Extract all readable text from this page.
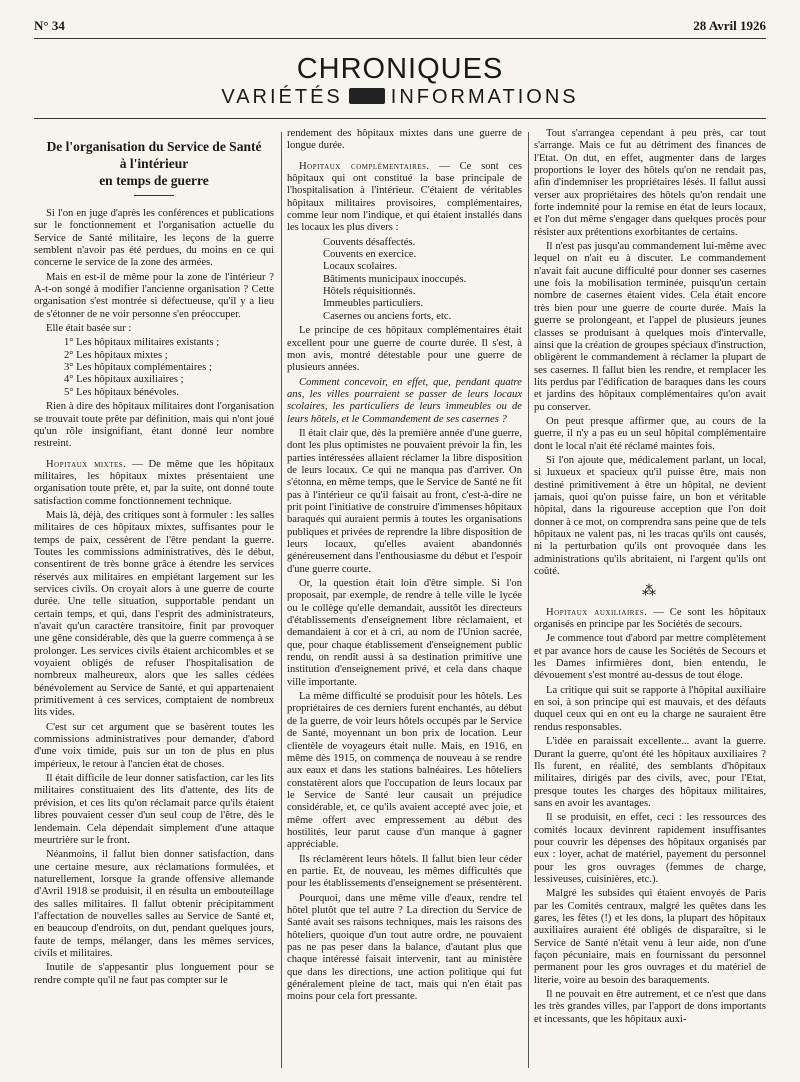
N° 34	28 Avril 1926
CHRONIQUES
VARIÉTÉS INFORMATIONS
De l'organisation du Service de Santé
à l'intérieur
en temps de guerre

Si l'on en juge d'après les conférences et publications sur le fonctionnement et l'organisation actuelle du Service de Santé militaire, les leçons de la guerre semblent n'avoir pas été perdues, du moins en ce qui concerne le service de la zone des armées.

Mais en est-il de même pour la zone de l'intérieur ? A-t-on songé à modifier l'ancienne organisation ? Cette organisation s'est montrée si défectueuse, qu'il y a lieu de s'étonner de ne voir personne s'en préoccuper.

Elle était basée sur :

1° Les hôpitaux militaires existants ;
2° Les hôpitaux mixtes ;
3° Les hôpitaux complémentaires ;
4° Les hôpitaux auxiliaires ;
5° Les hôpitaux bénévoles.

Rien à dire des hôpitaux militaires dont l'organisation se trouvait toute prête par définition, mais qui n'ont joué qu'un rôle insignifiant, étant donné leur nombre restreint.

Hopitaux mixtes. — De même que les hôpitaux militaires, les hôpitaux mixtes présentaient une organisation toute prête, et, par la suite, ont donné toute satisfaction comme fonctionnement technique.

Mais là, déjà, des critiques sont à formuler : les salles militaires de ces hôpitaux mixtes, suffisantes pour le temps de paix, cessèrent de l'être pendant la guerre. Toutes les commissions administratives, dès le début, consentirent de très bonne grâce à étendre les services réservés aux militaires en empiétant largement sur les services civils. On croyait alors à une guerre de courte durée. Une telle situation, supportable pendant un certain temps, et qui, dans l'esprit des administrateurs, n'avait qu'un caractère transitoire, finit par provoquer une gêne considérable, dès que la guerre commença à se prolonger. Les services civils étaient archicombles et se voyaient obligés de refuser l'hospitalisation de nombreux malheureux, alors que les salles cédées bénévolement au Service de Santé, et qui appartenaient primitivement à ces services, comptaient de nombreux lits vides.

C'est sur cet argument que se basèrent toutes les commissions administratives pour demander, d'abord d'une voix timide, puis sur un ton de plus en plus impérieux, le retour à l'ancien état de choses.

Il était difficile de leur donner satisfaction, car les lits militaires constituaient des lits d'attente, des lits de prévision, et ces lits qu'on réclamait parce qu'ils étaient libres pouvaient cesser d'un seul coup de l'être, dès le lendemain. Cela dépendait simplement d'une attaque meurtrière sur le front.

Néanmoins, il fallut bien donner satisfaction, dans une certaine mesure, aux réclamations formulées, et naturellement, lorsque la grande offensive allemande d'Avril 1918 se produisit, il en résulta un embouteillage des salles militaires. Il fallut obtenir précipitamment l'affectation de nouvelles salles au Service de Santé et, en beaucoup d'endroits, on dut, pendant quelques jours, faute de temps, mélanger, dans les mêmes services, civils et militaires.

Inutile de s'appesantir plus longuement pour se rendre compte qu'il ne faut pas compter sur le

rendement des hôpitaux mixtes dans une guerre de longue durée.

Hopitaux complémentaires. — Ce sont ces hôpitaux qui ont constitué la base principale de l'hospitalisation à l'intérieur. C'étaient de véritables hôpitaux militaires provisoires, complémentaires, comme leur nom l'indique, et qui étaient installés dans les locaux les plus divers :

Couvents désaffectés.
Couvents en exercice.
Locaux scolaires.
Bâtiments municipaux inoccupés.
Hôtels réquisitionnés.
Immeubles particuliers.
Casernes ou anciens forts, etc.

Le principe de ces hôpitaux complémentaires était excellent pour une guerre de courte durée. Il s'est, à mon avis, montré détestable pour une guerre de plusieurs années.

Comment concevoir, en effet, que, pendant quatre ans, les villes pourraient se passer de leurs locaux scolaires, les particuliers de leurs immeubles ou de leurs hôtels, et le Commandement de ses casernes ?

Il était clair que, dès la première année d'une guerre, dont les plus optimistes ne pouvaient prévoir la fin, les parties intéressées allaient réclamer la libre disposition de leurs locaux. Ce qui ne manqua pas d'arriver. On s'étonna, en même temps, que le Service de Santé ne fit pas à l'intérieur ce qu'il faisait au front, c'est-à-dire ne prit point l'initiative de construire d'immenses hôpitaux baraqués qui auraient permis à toutes les organisations publiques et privées de reprendre la libre disposition de leurs locaux, qu'elles avaient abandonnés généreusement dans l'enthousiasme du début et l'espoir d'une guerre courte.

Or, la question était loin d'être simple. Si l'on proposait, par exemple, de rendre à telle ville le lycée ou le collège qu'elle demandait, aussitôt les directeurs d'établissements d'enseignement libre réclamaient, et demandaient à cor et à cri, au nom de l'Union sacrée, que, pour chaque établissement d'enseignement public rendu, on rendît aussi à sa destination primitive une institution d'enseignement privé, et cela dans chaque ville importante.

La même difficulté se produisit pour les hôtels. Les propriétaires de ces derniers furent enchantés, au début de la guerre, de voir leurs hôtels occupés par le Service de Santé, moyennant un bon prix de location. Leur clientèle de voyageurs était nulle. Mais, en 1916, en même dès 1915, on commença de nouveau à se rendre aux eaux et dans les stations balnéaires. Les hôteliers constatèrent alors que l'occupation de leurs locaux par le Service de Santé leur causait un préjudice considérable, et, ce qu'ils avaient accepté avec joie, et même offert avec empressement au début des hostilités, leur parut cause d'un manque à gagner appréciable.

Ils réclamèrent leurs hôtels. Il fallut bien leur céder en partie. Et, de nouveau, les mêmes difficultés que pour les établissements d'enseignement se présentèrent.

Pourquoi, dans une même ville d'eaux, rendre tel hôtel plutôt que tel autre ? La direction du Service de Santé avait ses raisons techniques, mais les raisons des hôteliers, quoique d'un tout autre ordre, ne pouvaient pas ne pas peser dans la balance, d'autant plus que chaque intéressé faisait intervenir, tant au ministère que dans les directions, une action politique qui fut généralement pleine de tact, mais qui n'en était pas moins pour cela fort pressante.

Tout s'arrangea cependant à peu près, car tout s'arrange. Mais ce fut au détriment des finances de l'Etat. On dut, en effet, augmenter dans de larges proportions le loyer des hôtels qu'on ne rendait pas, afin d'indemniser les propriétaires lésés. Il fallut aussi verser aux propriétaires des hôtels qu'on rendait une forte indemnité pour la remise en état de leurs locaux, et l'on dut même s'engager dans quelques procès pour résister aux prétentions exorbitantes de certains.

Il n'est pas jusqu'au commandement lui-même avec lequel on n'ait eu à discuter. Le commandement n'avait fait aucune difficulté pour donner ses casernes une fois la mobilisation terminée, puisqu'un certain nombre de casernes étaient vides. Cela était encore très bien pour une guerre de courte durée. Mais la guerre se prolongeant, et l'appel de plusieurs jeunes classes se produisant à quelques mois d'intervalle, ainsi que la création de groupes spéciaux d'instruction, obligèrent le commandement à réclamer la plupart de ses casernes. Il fallut bien les rendre, et remplacer les lits perdus par l'édification de baraques dans les cours et jardins des hôpitaux complémentaires qu'on avait pu conserver.

On peut presque affirmer que, au cours de la guerre, il n'y a pas eu un seul hôpital complémentaire dont le local n'ait été réclamé maintes fois.

Si l'on ajoute que, médicalement parlant, un local, si luxueux et spacieux qu'il puisse être, mais non destiné primitivement à être un hôpital, ne devient jamais, quoi qu'on puisse faire, un bon et véritable hôpital, dans la rigoureuse acception que l'on doit donner à ce mot, on comprendra sans peine que de tels hôpitaux ne valent pas, ni les tracas qu'ils ont causés, ni la perturbation qu'ils ont provoquée dans les administrations qu'ils abritaient, ni l'argent qu'ils ont coûté.

⁂

Hopitaux auxiliaires. — Ce sont les hôpitaux organisés en principe par les Sociétés de secours.

Je commence tout d'abord par mettre complètement et par avance hors de cause les Sociétés de Secours et les Dames infirmières dont, bien entendu, le dévouement s'est montré au-dessus de tout éloge.

La critique qui suit se rapporte à l'hôpital auxiliaire en soi, à son principe qui est mauvais, et des défauts duquel ceux qui en ont eu la charge ne sauraient être rendus responsables.

L'idée en paraissait excellente... avant la guerre. Durant la guerre, qu'ont été les hôpitaux auxiliaires ? Ils furent, en réalité, des semblants d'hôpitaux militaires, dirigés par des civils, avec, pour l'Etat, presque toutes les charges des hôpitaux militaires, sans en avoir les avantages.

Il se produisit, en effet, ceci : les ressources des comités locaux devinrent rapidement insuffisantes pour couvrir les dépenses des hôpitaux organisés par eux : loyer, achat de matériel, payement du personnel pour les gros ouvrages (femmes de charge, lessiveuses, cuisinières, etc.).

Malgré les subsides qui étaient envoyés de Paris par les Comités centraux, malgré les quêtes dans les gares, les fêtes (!) et les dons, la plupart des hôpitaux auxiliaires auraient été obligés de disparaître, si le Service de Santé n'était venu à leur aide, non d'une façon pécuniaire, mais en fournissant du personnel permanent pour les gros ouvrages et du matériel de literie, voire au besoin des baraquements.

Il ne pouvait en être autrement, et ce n'est que dans les très grandes villes, par l'apport de dons importants et incessants, que les hôpitaux auxi-
